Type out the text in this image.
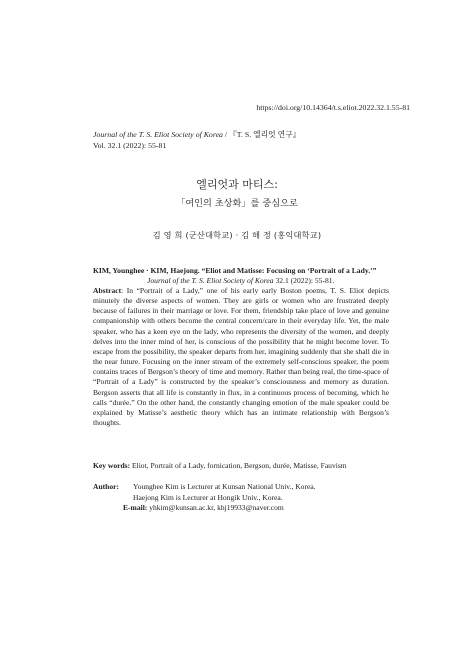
https://doi.org/10.14364/t.s.eliot.2022.32.1.55-81
Journal of the T. S. Eliot Society of Korea / 『T. S. 엘리엇 연구』
Vol. 32.1 (2022): 55-81
엘리엇과 마티스:
「여인의 초상화」를 중심으로
김 영 희 (군산대학교) · 김 해 정 (홍익대학교)
KIM, Younghee · KIM, Haejong. “Eliot and Matisse: Focusing on ‘Portrait of a Lady.’”
Journal of the T. S. Eliot Society of Korea 32.1 (2022): 55-81.
Abstract: In “Portrait of a Lady,” one of his early early Boston poems, T. S. Eliot depicts minutely the diverse aspects of women. They are girls or women who are frustrated deeply because of failures in their marriage or love. For them, friendship take place of love and genuine companionship with others become the central concern/care in their everyday life. Yet, the male speaker, who has a keen eye on the lady, who represents the diversity of the women, and deeply delves into the inner mind of her, is conscious of the possibility that he might become lover. To escape from the possibility, the speaker departs from her, imagining suddenly that she shall die in the near future. Focusing on the inner stream of the extremely self-conscious speaker, the poem contains traces of Bergson’s theory of time and memory. Rather than being real, the time-space of “Portrait of a Lady” is constructed by the speaker’s consciousness and memory as duration. Bergson asserts that all life is constantly in flux, in a continuous process of becoming, which he calls “durée.” On the other hand, the constantly changing emotion of the male speaker could be explained by Matisse’s aesthetic theory which has an intimate relationship with Bergson’s thoughts.
Key words: Eliot, Portrait of a Lady, fornication, Bergson, durée, Matisse, Fauvism
Author:	Younghee Kim is Lecturer at Kunsan National Univ., Korea.
Haejong Kim is Lecturer at Hongik Univ., Korea.
E-mail: yhkim@kunsan.ac.kr, khj19933@naver.com
